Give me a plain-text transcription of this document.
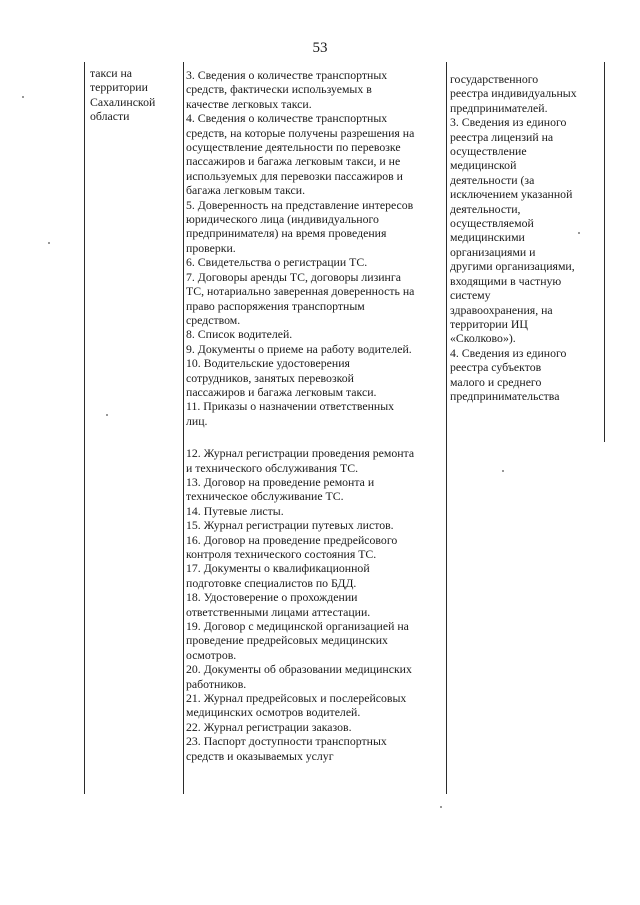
53
такси на
территории
Сахалинской
области
3. Сведения о количестве транспортных
средств, фактически используемых в
качестве легковых такси.
4. Сведения о количестве транспортных
средств, на которые получены разрешения на
осуществление деятельности по перевозке
пассажиров и багажа легковым такси, и не
используемых для перевозки пассажиров и
багажа легковым такси.
5. Доверенность на представление интересов
юридического лица (индивидуального
предпринимателя) на время проведения
проверки.
6. Свидетельства о регистрации ТС.
7. Договоры аренды ТС, договоры лизинга
ТС, нотариально заверенная доверенность на
право распоряжения транспортным
средством.
8. Список водителей.
9. Документы о приеме на работу водителей.
10. Водительские удостоверения
сотрудников, занятых перевозкой
пассажиров и багажа легковым такси.
11. Приказы о назначении ответственных
лиц.
12. Журнал регистрации проведения ремонта
и технического обслуживания ТС.
13. Договор на проведение ремонта и
техническое обслуживание ТС.
14. Путевые листы.
15. Журнал регистрации путевых листов.
16. Договор на проведение предрейсового
контроля технического состояния ТС.
17. Документы о квалификационной
подготовке специалистов по БДД.
18. Удостоверение о прохождении
ответственными лицами аттестации.
19. Договор с медицинской организацией на
проведение предрейсовых медицинских
осмотров.
20. Документы об образовании медицинских
работников.
21. Журнал предрейсовых и послерейсовых
медицинских осмотров водителей.
22. Журнал регистрации заказов.
23. Паспорт доступности транспортных
средств и оказываемых услуг
государственного
реестра индивидуальных
предпринимателей.
3. Сведения из единого
реестра лицензий на
осуществление
медицинской
деятельности (за
исключением указанной
деятельности,
осуществляемой
медицинскими
организациями и
другими организациями,
входящими в частную
систему
здравоохранения, на
территории ИЦ
«Сколково»).
4. Сведения из единого
реестра субъектов
малого и среднего
предпринимательства
